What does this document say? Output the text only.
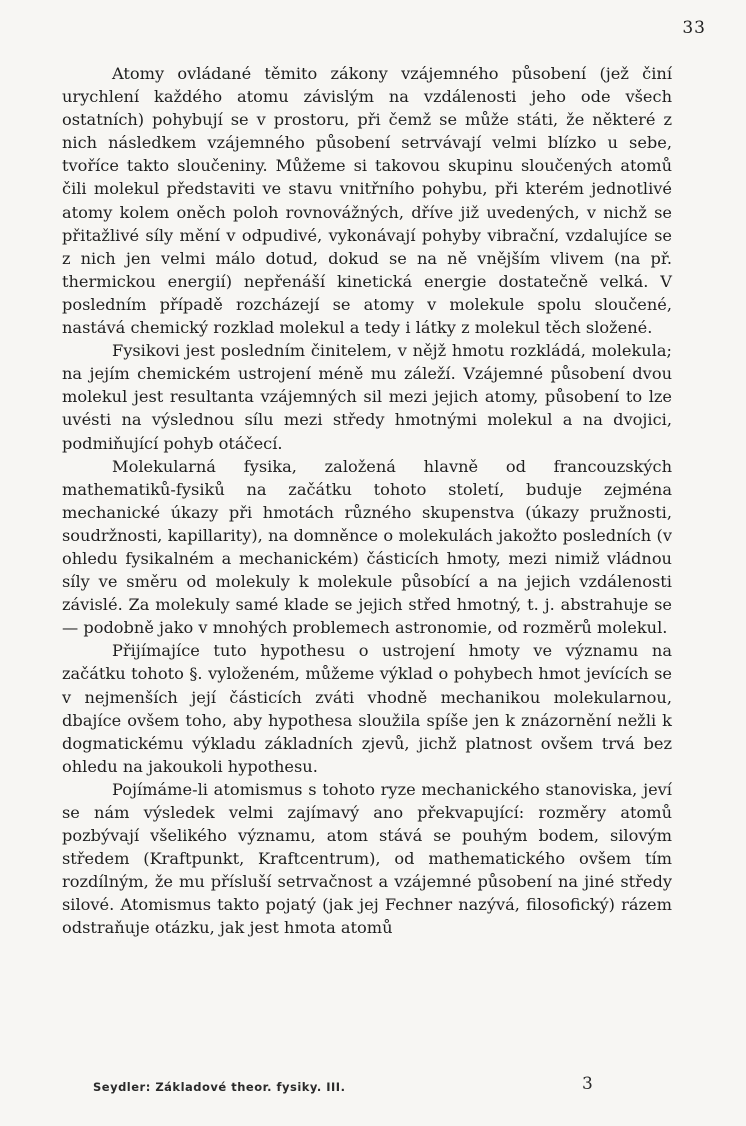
33

Atomy ovládané těmito zákony vzájemného působení (jež činí urychlení každého atomu závislým na vzdálenosti jeho ode všech ostatních) pohybují se v prostoru, při čemž se může státi, že některé z nich následkem vzájemného působení setrvávají velmi blízko u sebe, tvoříce takto sloučeniny. Můžeme si takovou skupinu sloučených atomů čili molekul představiti ve stavu vnitřního pohybu, při kterém jednotlivé atomy kolem oněch poloh rovnovážných, dříve již uvedených, v nichž se přitažlivé síly mění v odpudivé, vykonávají pohyby vibrační, vzdalujíce se z nich jen velmi málo dotud, dokud se na ně vnějším vlivem (na př. thermickou energií) nepřenáší kinetická energie dostatečně velká. V posledním případě rozcházejí se atomy v molekule spolu sloučené, nastává chemický rozklad molekul a tedy i látky z molekul těch složené.

Fysikovi jest posledním činitelem, v nějž hmotu rozkládá, molekula; na jejím chemickém ustrojení méně mu záleží. Vzájemné působení dvou molekul jest resultanta vzájemných sil mezi jejich atomy, působení to lze uvésti na výslednou sílu mezi středy hmotnými molekul a na dvojici, podmiňující pohyb otáčecí.

Molekularná fysika, založená hlavně od francouzských mathematiků-fysiků na začátku tohoto století, buduje zejména mechanické úkazy při hmotách různého skupenstva (úkazy pružnosti, soudržnosti, kapillarity), na domněnce o molekulách jakožto posledních (v ohledu fysikalném a mechanickém) částicích hmoty, mezi nimiž vládnou síly ve směru od molekuly k molekule působící a na jejich vzdálenosti závislé. Za molekuly samé klade se jejich střed hmotný, t. j. abstrahuje se — podobně jako v mnohých problemech astronomie, od rozměrů molekul.

Přijímajíce tuto hypothesu o ustrojení hmoty ve významu na začátku tohoto §. vyloženém, můžeme výklad o pohybech hmot jevících se v nejmenších její částicích zváti vhodně mechanikou molekularnou, dbajíce ovšem toho, aby hypothesa sloužila spíše jen k znázornění nežli k dogmatickému výkladu základních zjevů, jichž platnost ovšem trvá bez ohledu na jakoukoli hypothesu.

Pojímáme-li atomismus s tohoto ryze mechanického stanoviska, jeví se nám výsledek velmi zajímavý ano překvapující: rozměry atomů pozbývají všelikého významu, atom stává se pouhým bodem, silovým středem (Kraftpunkt, Kraftcentrum), od mathematického ovšem tím rozdílným, že mu přísluší setrvačnost a vzájemné působení na jiné středy silové. Atomismus takto pojatý (jak jej Fechner nazývá, filosofický) rázem odstraňuje otázku, jak jest hmota atomů

Seydler: Základové theor. fysiky. III.	3
